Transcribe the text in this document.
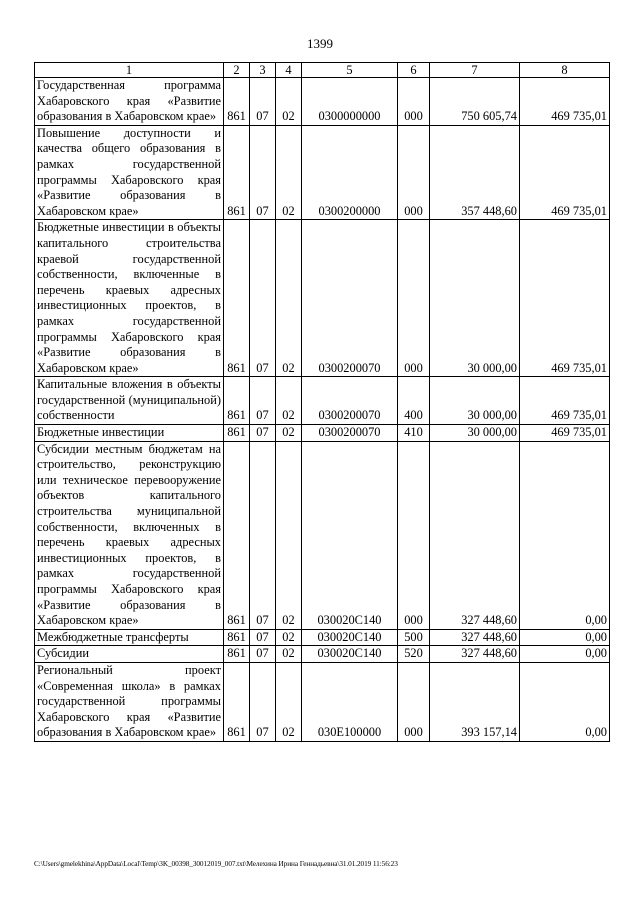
1399
1	2	3	4	5	6	7	8
Государственная программа Хабаровского края «Развитие образования в Хабаровском крае»	861	07	02	0300000000	000	750 605,74	469 735,01
Повышение доступности и качества общего образования в рамках государственной программы Хабаровского края «Развитие образования в Хабаровском крае»	861	07	02	0300200000	000	357 448,60	469 735,01
Бюджетные инвестиции в объекты капитального строительства краевой государственной собственности, включенные в перечень краевых адресных инвестиционных проектов, в рамках государственной программы Хабаровского края «Развитие образования в Хабаровском крае»	861	07	02	0300200070	000	30 000,00	469 735,01
Капитальные вложения в объекты государственной (муниципальной) собственности	861	07	02	0300200070	400	30 000,00	469 735,01
Бюджетные инвестиции	861	07	02	0300200070	410	30 000,00	469 735,01
Субсидии местным бюджетам на строительство, реконструкцию или техническое перевооружение объектов капитального строительства муниципальной собственности, включенных в перечень краевых адресных инвестиционных проектов, в рамках государственной программы Хабаровского края «Развитие образования в Хабаровском крае»	861	07	02	030020С140	000	327 448,60	0,00
Межбюджетные трансферты	861	07	02	030020С140	500	327 448,60	0,00
Субсидии	861	07	02	030020С140	520	327 448,60	0,00
Региональный проект «Современная школа» в рамках государственной программы Хабаровского края «Развитие образования в Хабаровском крае»	861	07	02	030Е100000	000	393 157,14	0,00
C:\Users\gmelekhina\AppData\Local\Temp\3K_00398_30012019_007.txt\Мелехина Ирина Геннадьевна\31.01.2019 11:56:23
